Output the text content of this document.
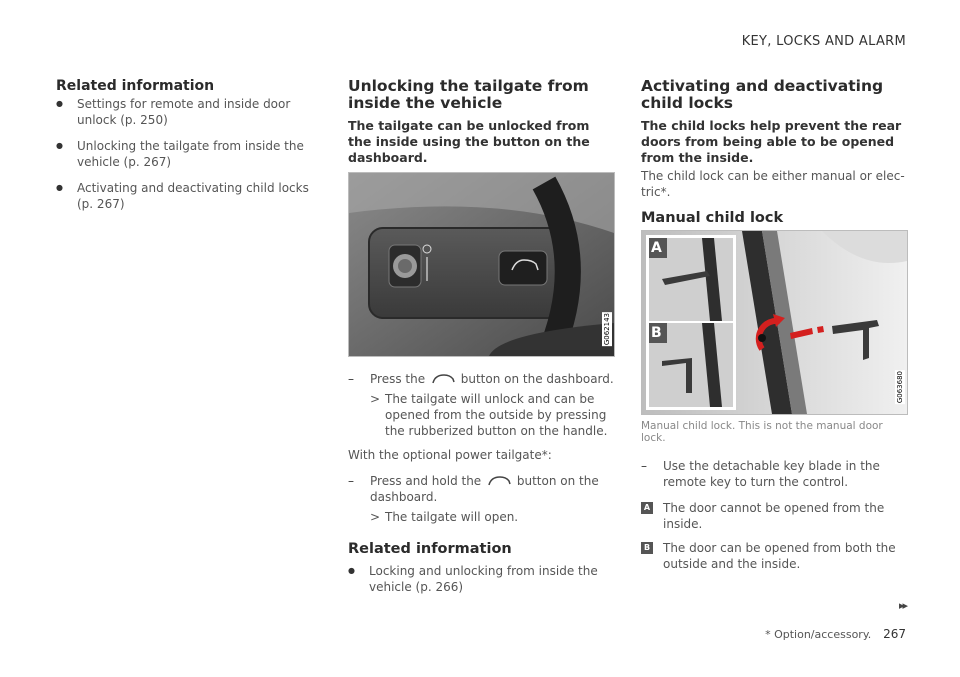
KEY, LOCKS AND ALARM
Related information
● Settings for remote and inside door unlock (p. 250)
● Unlocking the tailgate from inside the vehicle (p. 267)
● Activating and deactivating child locks (p. 267)
Unlocking the tailgate from inside the vehicle

The tailgate can be unlocked from the inside using the button on the dashboard.

G062143
– Press the	button on the dashboard.
> The tailgate will unlock and can be opened from the outside by pressing the rubberized button on the handle.

With the optional power tailgate*:

– Press and hold the	button on the dashboard.
> The tailgate will open.
Related information
● Locking and unlocking from inside the vehicle (p. 266)
Activating and deactivating child locks

The child locks help prevent the rear doors from being able to be opened from the inside.

The child lock can be either manual or elec-tric*.

Manual child lock
A
B
G063680

Manual child lock. This is not the manual door lock.

– Use the detachable key blade in the remote key to turn the control.
A The door cannot be opened from the inside.
B The door can be opened from both the outside and the inside.
▸▸
* Option/accessory. 267
